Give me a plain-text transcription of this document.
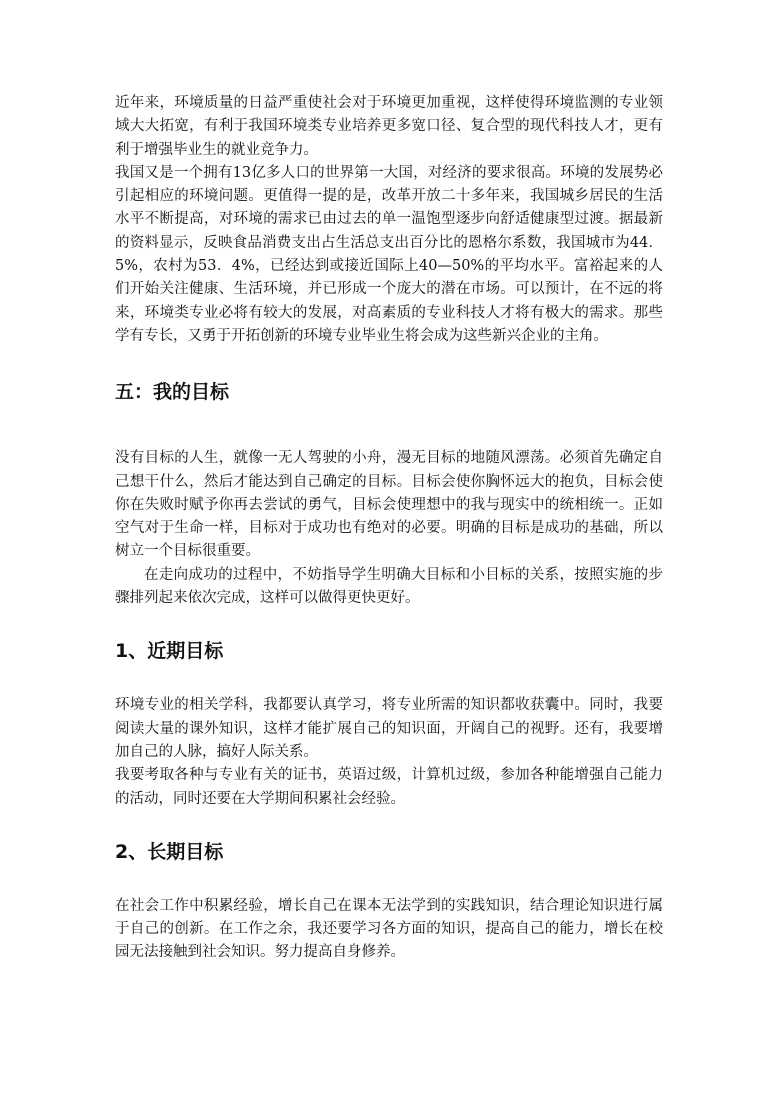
近年来，环境质量的日益严重使社会对于环境更加重视，这样使得环境监测的专业领域大大拓宽，有利于我国环境类专业培养更多宽口径、复合型的现代科技人才，更有利于增强毕业生的就业竞争力。

我国又是一个拥有13亿多人口的世界第一大国，对经济的要求很高。环境的发展势必引起相应的环境问题。更值得一提的是，改革开放二十多年来，我国城乡居民的生活水平不断提高，对环境的需求已由过去的单一温饱型逐步向舒适健康型过渡。据最新的资料显示，反映食品消费支出占生活总支出百分比的恩格尔系数，我国城市为44．5%，农村为53．4%，已经达到或接近国际上40—50%的平均水平。富裕起来的人们开始关注健康、生活环境，并已形成一个庞大的潜在市场。可以预计，在不远的将来，环境类专业必将有较大的发展，对高素质的专业科技人才将有极大的需求。那些学有专长，又勇于开拓创新的环境专业毕业生将会成为这些新兴企业的主角。

五：我的目标

没有目标的人生，就像一无人驾驶的小舟，漫无目标的地随风漂荡。必须首先确定自己想干什么，然后才能达到自己确定的目标。目标会使你胸怀远大的抱负，目标会使你在失败时赋予你再去尝试的勇气，目标会使理想中的我与现实中的统相统一。正如空气对于生命一样，目标对于成功也有绝对的必要。明确的目标是成功的基础，所以树立一个目标很重要。

在走向成功的过程中，不妨指导学生明确大目标和小目标的关系，按照实施的步骤排列起来依次完成，这样可以做得更快更好。

1、近期目标

环境专业的相关学科，我都要认真学习，将专业所需的知识都收获囊中。同时，我要阅读大量的课外知识，这样才能扩展自己的知识面，开阔自己的视野。还有，我要增加自己的人脉，搞好人际关系。

我要考取各种与专业有关的证书，英语过级，计算机过级，参加各种能增强自己能力的活动，同时还要在大学期间积累社会经验。

2、长期目标

在社会工作中积累经验，增长自己在课本无法学到的实践知识，结合理论知识进行属于自己的创新。在工作之余，我还要学习各方面的知识，提高自己的能力，增长在校园无法接触到社会知识。努力提高自身修养。
